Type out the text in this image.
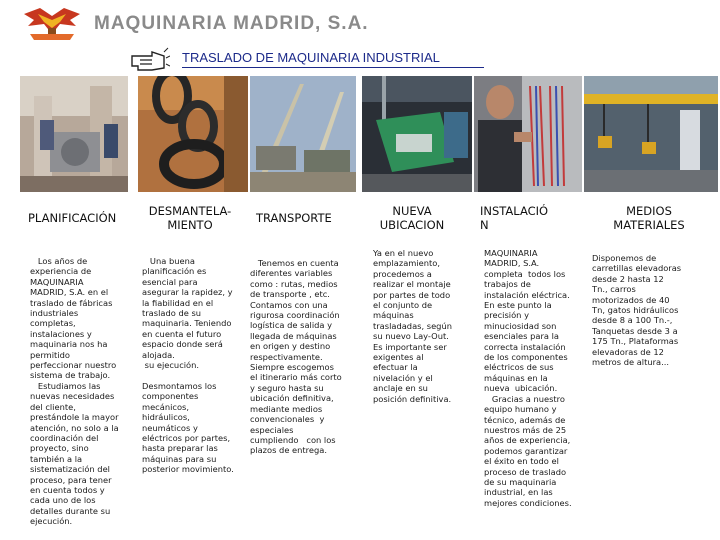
MAQUINARIA MADRID, S.A.
TRASLADO DE MAQUINARIA INDUSTRIAL
PLANIFICACIÓN	DESMANTELA-
MIENTO	TRANSPORTE	NUEVA
UBICACION
INSTALACIÓ
N
MEDIOS
MATERIALES
Los años de
experiencia de
MAQUINARIA
MADRID, S.A. en el
traslado de fábricas
industriales
completas,
instalaciones y
maquinaria nos ha
permitido
perfeccionar nuestro
sistema de trabajo.
Estudiamos las
nuevas necesidades
del cliente,
prestándole la mayor
atención, no solo a la
coordinación del
proyecto, sino
también a la
sistematización del
proceso, para tener
en cuenta todos y
cada uno de los
detalles durante su
ejecución.
Una buena
planificación es
esencial para
asegurar la rapidez, y
la fiabilidad en el
traslado de su
maquinaria. Teniendo
en cuenta el futuro
espacio donde será
alojada.
su ejecución.

Desmontamos los
componentes
mecánicos,
hidráulicos,
neumáticos y
eléctricos por partes,
hasta preparar las
máquinas para su
posterior movimiento.
Tenemos en cuenta
diferentes variables
como : rutas, medios
de transporte , etc.
Contamos con una
rigurosa coordinación
logística de salida y
llegada de máquinas
en origen y destino
respectivamente.
Siempre escogemos
el itinerario más corto
y seguro hasta su
ubicación definitiva,
mediante medios
convencionales  y
especiales
cumpliendo   con los
plazos de entrega.
Ya en el nuevo
emplazamiento,
procedemos a
realizar el montaje
por partes de todo
el conjunto de
máquinas
trasladadas, según
su nuevo Lay-Out.
Es importante ser
exigentes al
efectuar la
nivelación y el
anclaje en su
posición definitiva.
MAQUINARIA
MADRID, S.A.
completa  todos los
trabajos de
instalación eléctrica.
En este punto la
precisión y
minuciosidad son
esenciales para la
correcta instalación
de los componentes
eléctricos de sus
máquinas en la
nueva  ubicación.
Gracias a nuestro
equipo humano y
técnico, además de
nuestros más de 25
años de experiencia,
podemos garantizar
el éxito en todo el
proceso de traslado
de su maquinaria
industrial, en las
mejores condiciones.
Disponemos de
carretillas elevadoras
desde 2 hasta 12
Tn., carros
motorizados de 40
Tn, gatos hidráulicos
desde 8 a 100 Tn.-,
Tanquetas desde 3 a
175 Tn., Plataformas
elevadoras de 12
metros de altura...
